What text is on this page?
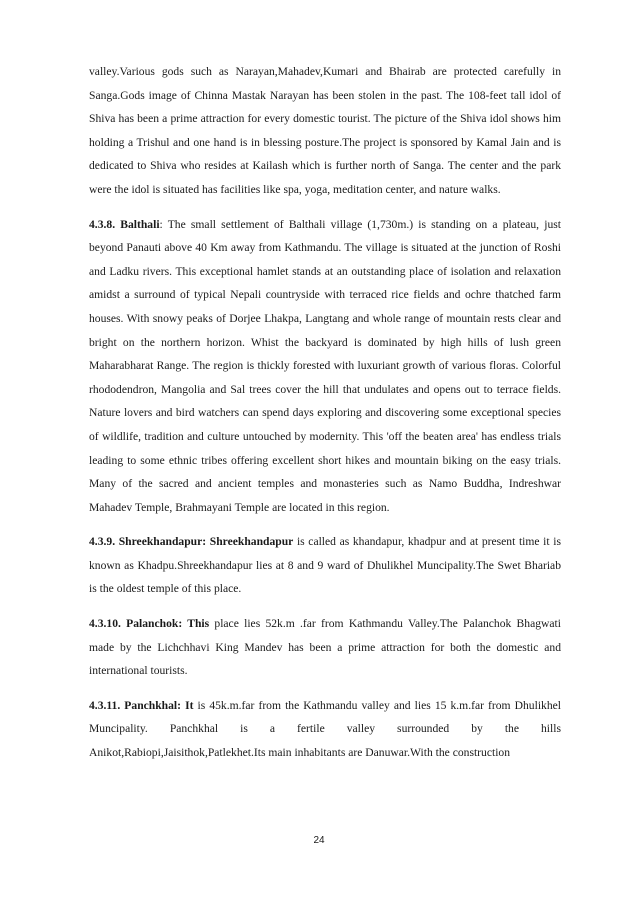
valley.Various gods such as Narayan,Mahadev,Kumari and Bhairab are protected carefully in Sanga.Gods image of Chinna Mastak Narayan has been stolen in the past. The 108-feet tall idol of Shiva has been a prime attraction for every domestic tourist. The picture of the Shiva idol shows him holding a Trishul and one hand is in blessing posture.The project is sponsored by Kamal Jain and is dedicated to Shiva who resides at Kailash which is further north of Sanga. The center and the park were the idol is situated has facilities like spa, yoga, meditation center, and nature walks.

4.3.8. Balthali: The small settlement of Balthali village (1,730m.) is standing on a plateau, just beyond Panauti above 40 Km away from Kathmandu. The village is situated at the junction of Roshi and Ladku rivers. This exceptional hamlet stands at an outstanding place of isolation and relaxation amidst a surround of typical Nepali countryside with terraced rice fields and ochre thatched farm houses. With snowy peaks of Dorjee Lhakpa, Langtang and whole range of mountain rests clear and bright on the northern horizon. Whist the backyard is dominated by high hills of lush green Maharabharat Range. The region is thickly forested with luxuriant growth of various floras. Colorful rhododendron, Mangolia and Sal trees cover the hill that undulates and opens out to terrace fields. Nature lovers and bird watchers can spend days exploring and discovering some exceptional species of wildlife, tradition and culture untouched by modernity. This 'off the beaten area' has endless trials leading to some ethnic tribes offering excellent short hikes and mountain biking on the easy trials. Many of the sacred and ancient temples and monasteries such as Namo Buddha, Indreshwar Mahadev Temple, Brahmayani Temple are located in this region.

4.3.9. Shreekhandapur: Shreekhandapur is called as khandapur, khadpur and at present time it is known as Khadpu.Shreekhandapur lies at 8 and 9 ward of Dhulikhel Muncipality.The Swet Bhariab is the oldest temple of this place.

4.3.10. Palanchok: This place lies 52k.m .far from Kathmandu Valley.The Palanchok Bhagwati made by the Lichchhavi King Mandev has been a prime attraction for both the domestic and international tourists.

4.3.11. Panchkhal: It is 45k.m.far from the Kathmandu valley and lies 15 k.m.far from Dhulikhel Muncipality. Panchkhal is a fertile valley surrounded by the hills Anikot,Rabiopi,Jaisithok,Patlekhet.Its main inhabitants are Danuwar.With the construction

24
